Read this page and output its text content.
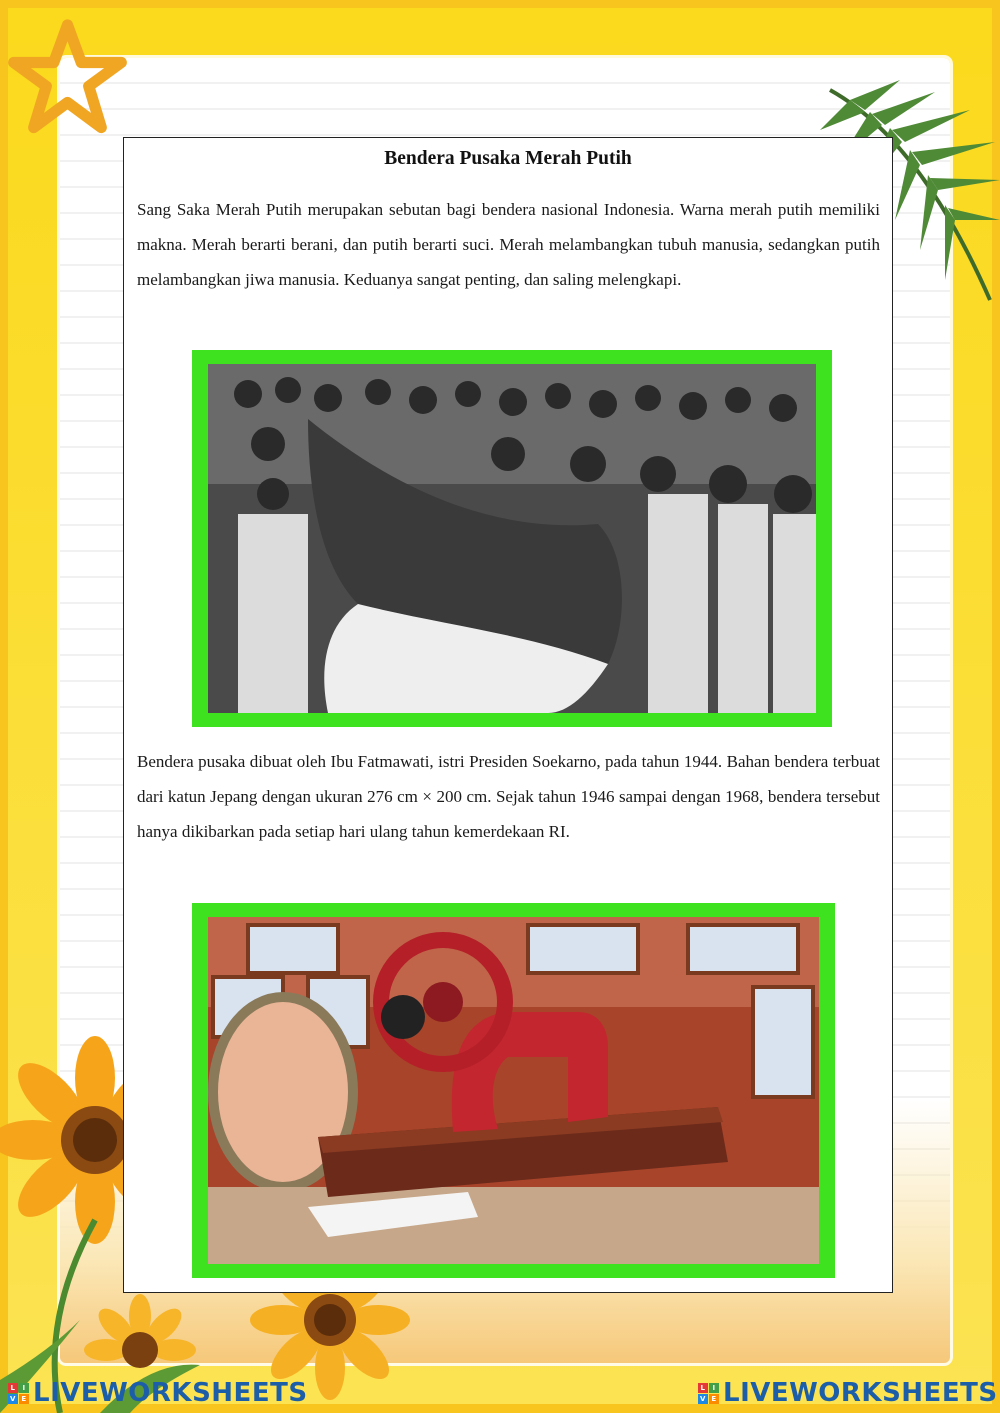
Bendera Pusaka Merah Putih

Sang Saka Merah Putih merupakan sebutan bagi bendera nasional Indonesia. Warna merah putih memiliki makna. Merah berarti berani, dan putih berarti suci. Merah melambangkan tubuh manusia, sedangkan putih melambangkan jiwa manusia. Keduanya sangat penting, dan saling melengkapi.

Bendera pusaka dibuat oleh Ibu Fatmawati, istri Presiden Soekarno, pada tahun 1944. Bahan bendera terbuat dari katun Jepang dengan ukuran 276 cm × 200 cm. Sejak tahun 1946 sampai dengan 1968, bendera tersebut hanya dikibarkan pada setiap hari ulang tahun kemerdekaan RI.

L I
V E LIVEWORKSHEETS	L I
V E LIVEWORKSHEETS
